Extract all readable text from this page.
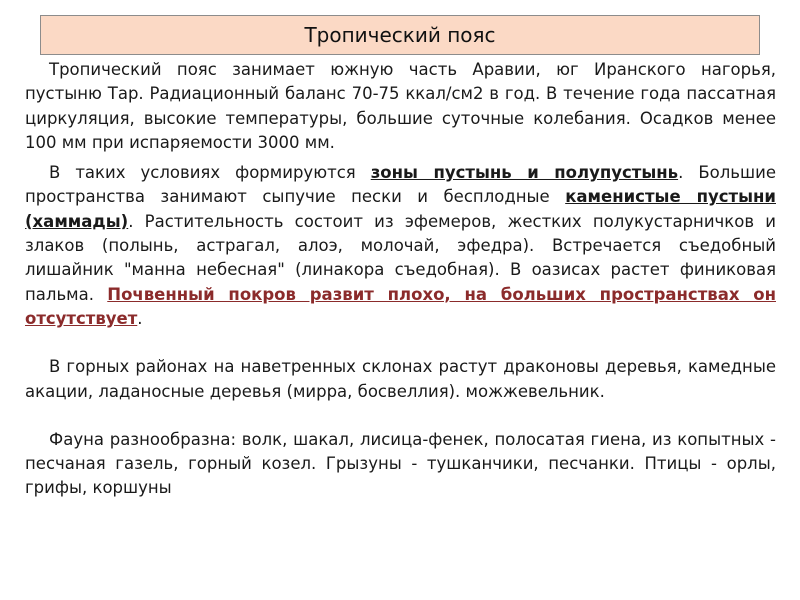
Тропический пояс

Тропический пояс занимает южную часть Аравии, юг Иранского нагорья, пустыню Тар. Радиационный баланс 70-75 ккал/см2 в год. В течение года пассатная циркуляция, высокие температуры, большие суточные колебания. Осадков менее 100 мм при испаряемости 3000 мм.

В таких условиях формируются зоны пустынь и полупустынь. Большие пространства занимают сыпучие пески и бесплодные каменистые пустыни (хаммады). Растительность состоит из эфемеров, жестких полукустарничков и злаков (полынь, астрагал, алоэ, молочай, эфедра). Встречается съедобный лишайник "манна небесная" (линакора съедобная). В оазисах растет финиковая пальма. Почвенный покров развит плохо, на больших пространствах он отсутствует.

В горных районах на наветренных склонах растут драконовы деревья, камедные акации, ладаносные деревья (мирра, босвеллия). можжевельник.

Фауна разнообразна: волк, шакал, лисица-фенек, полосатая гиена, из копытных - песчаная газель, горный козел. Грызуны - тушканчики, песчанки. Птицы - орлы, грифы, коршуны
